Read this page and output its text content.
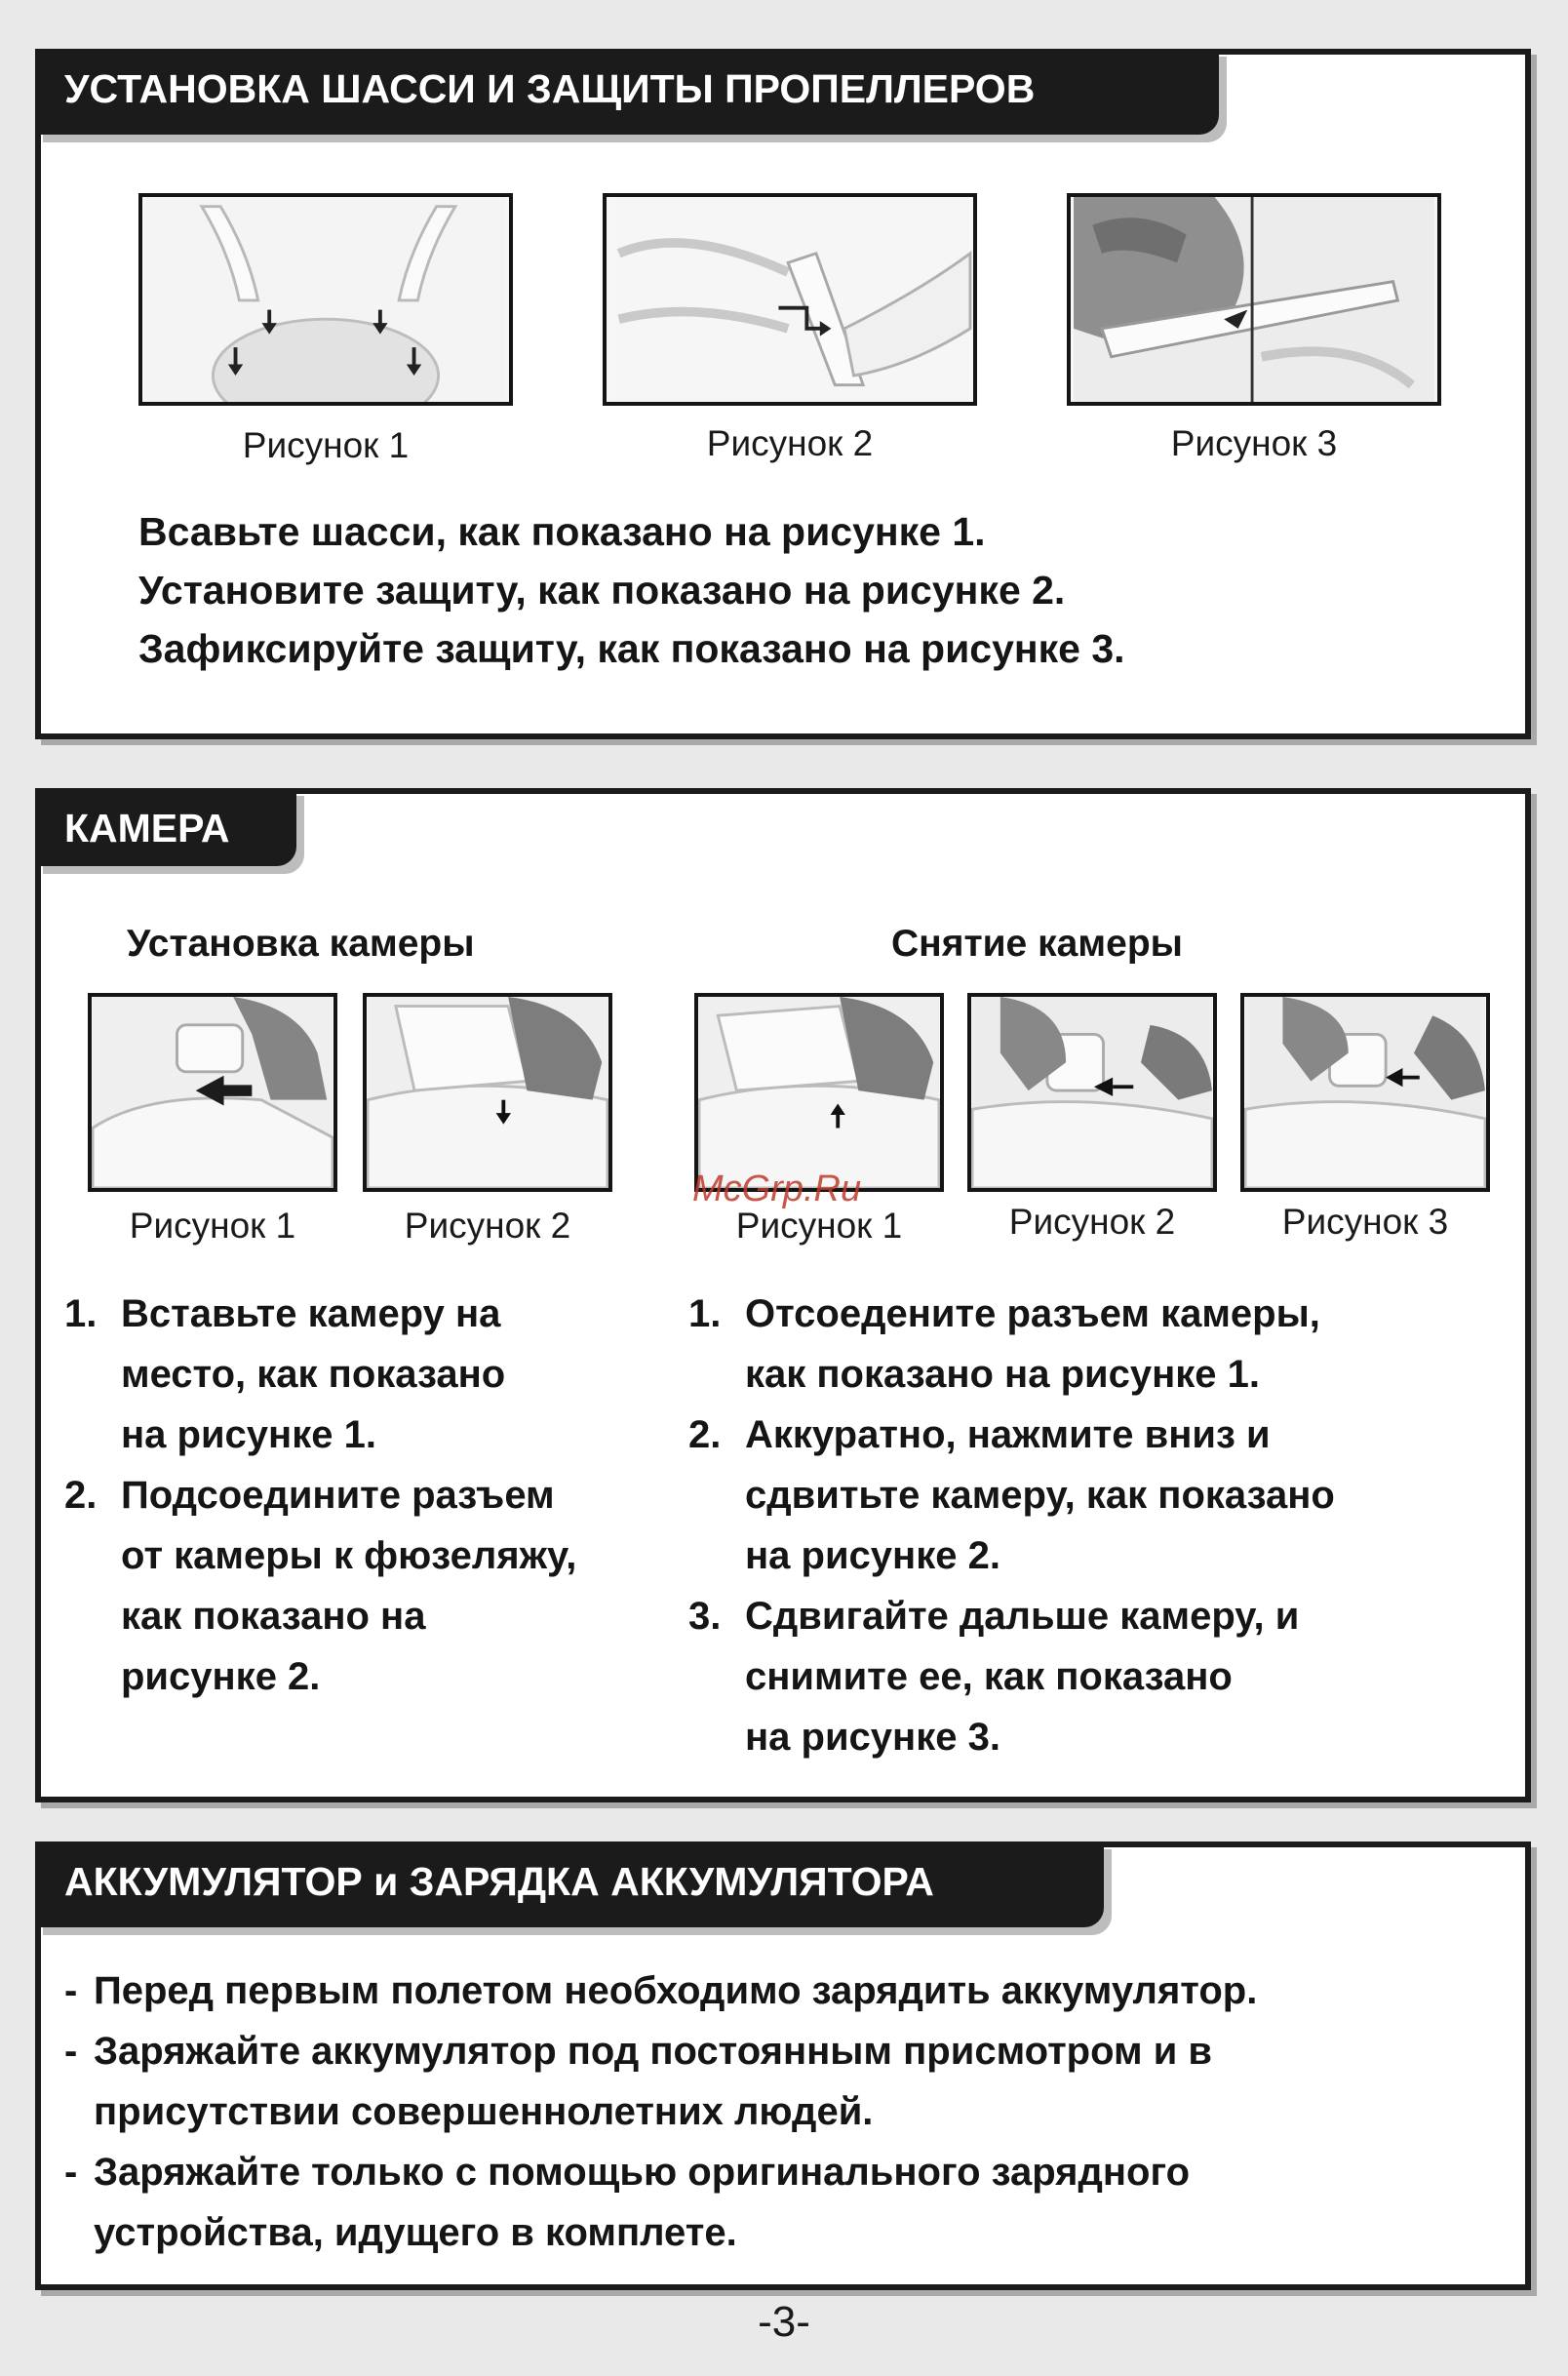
УСТАНОВКА ШАССИ И ЗАЩИТЫ ПРОПЕЛЛЕРОВ
Рисунок 1	Рисунок 2	Рисунок 3
Всавьте шасси, как показано на рисунке 1.
Установите защиту, как показано на рисунке 2.
Зафиксируйте защиту, как показано на рисунке 3.
КАМЕРА
Установка камеры	Снятие камеры
Рисунок 1	Рисунок 2	Рисунок 1	Рисунок 2	Рисунок 3
1. Вставьте камеру на
место, как показано
на рисунке 1.
2. Подсоедините разъем
от камеры к фюзеляжу,
как показано на
рисунке 2.
1. Отсоедените разъем камеры,
как показано на рисунке 1.
2. Аккуратно, нажмите вниз и
сдвитьте камеру, как показано
на рисунке 2.
3. Сдвигайте дальше камеру, и
снимите ее, как показано
на рисунке 3.
McGrp.Ru
АККУМУЛЯТОР и ЗАРЯДКА АККУМУЛЯТОРА
- Перед первым полетом необходимо зарядить аккумулятор.
- Заряжайте аккумулятор под постоянным присмотром и в
присутствии совершеннолетних людей.
- Заряжайте только с помощью оригинального зарядного
устройства, идущего в комплете.
-3-
